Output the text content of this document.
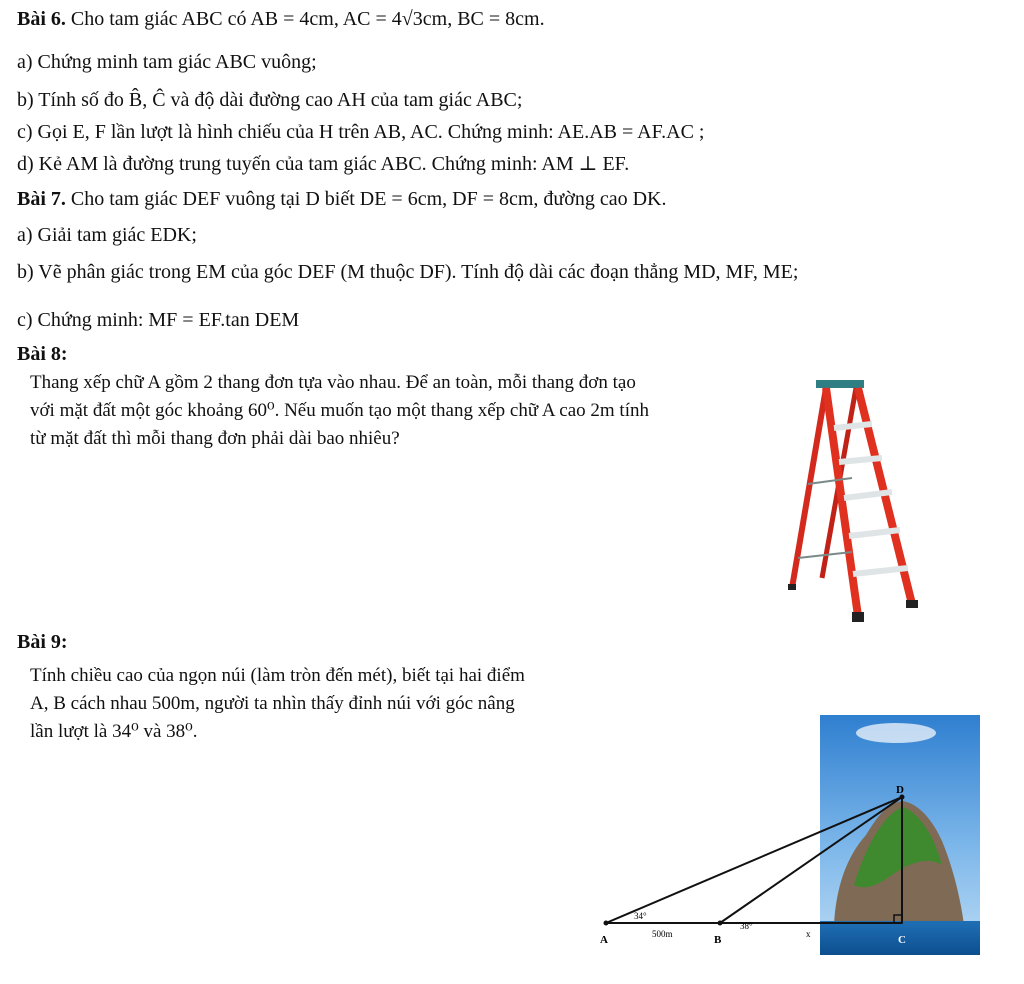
Bài 6. Cho tam giác ABC có AB = 4cm, AC = 4√3cm, BC = 8cm.
a) Chứng minh tam giác ABC vuông;
b) Tính số đo B̂, Ĉ và độ dài đường cao AH của tam giác ABC;
c) Gọi E, F lần lượt là hình chiếu của H trên AB, AC. Chứng minh: AE.AB = AF.AC ;
d) Kẻ AM là đường trung tuyến của tam giác ABC. Chứng minh: AM ⊥ EF.
Bài 7. Cho tam giác DEF vuông tại D biết DE = 6cm, DF = 8cm, đường cao DK.
a) Giải tam giác EDK;
b) Vẽ phân giác trong EM của góc DEF (M thuộc DF). Tính độ dài các đoạn thẳng MD, MF, ME;
c) Chứng minh: MF = EF.tan DEM
Bài 8:
Thang xếp chữ A gồm 2 thang đơn tựa vào nhau. Để an toàn, mỗi thang đơn tạo với mặt đất một góc khoảng 60⁰. Nếu muốn tạo một thang xếp chữ A cao 2m tính từ mặt đất thì mỗi thang đơn phải dài bao nhiêu?
Bài 9:
Tính chiều cao của ngọn núi (làm tròn đến mét), biết tại hai điểm A, B cách nhau 500m, người ta nhìn thấy đỉnh núi với góc nâng lần lượt là 34⁰ và 38⁰.
D
A	B	C
34°
38°
500m	x
